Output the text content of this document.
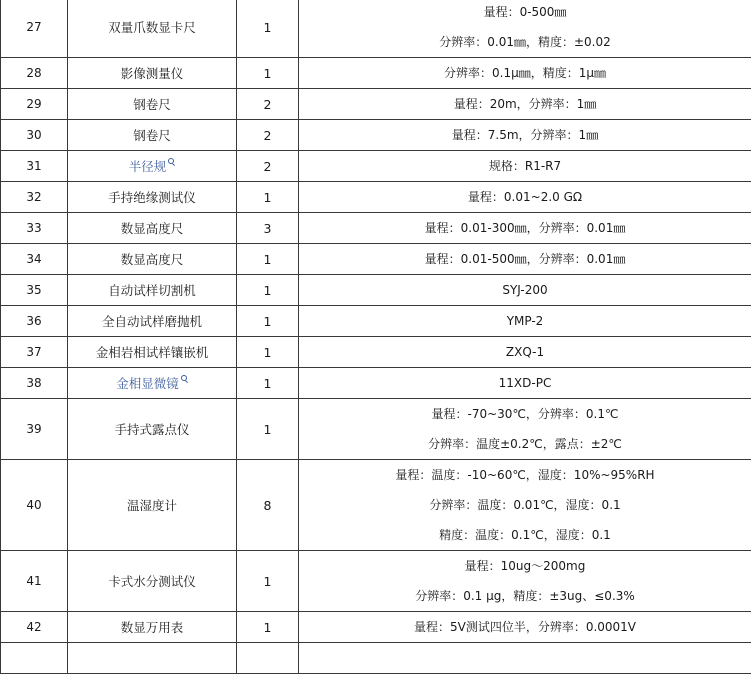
27	双量爪数显卡尺	1	量程：0-500㎜
分辨率：0.01㎜，精度：±0.02

28	影像测量仪	1	分辨率：0.1μ㎜，精度：1μ㎜

29	钢卷尺	2	量程：20m，分辨率：1㎜

30	钢卷尺	2	量程：7.5m，分辨率：1㎜

31	半径规	2	规格：R1-R7

32	手持绝缘测试仪	1	量程：0.01~2.0 GΩ

33	数显高度尺	3	量程：0.01-300㎜，分辨率：0.01㎜

34	数显高度尺	1	量程：0.01-500㎜，分辨率：0.01㎜

35	自动试样切割机	1	SYJ-200

36	全自动试样磨抛机	1	YMP-2

37	金相岩相试样镶嵌机	1	ZXQ-1

38	金相显微镜	1	11XD-PC

39	手持式露点仪	1	量程：-70~30℃，分辨率：0.1℃
分辨率：温度±0.2℃，露点：±2℃

40	温湿度计	8	量程：温度：-10~60℃，湿度：10%~95%RH
分辨率：温度：0.01℃，湿度：0.1
精度：温度：0.1℃，湿度：0.1

41	卡式水分测试仪	1	量程：10ug～200mg
分辨率：0.1 μg，精度：±3ug、≤0.3%

42	数显万用表	1	量程：5V测试四位半，分辨率：0.0001V
